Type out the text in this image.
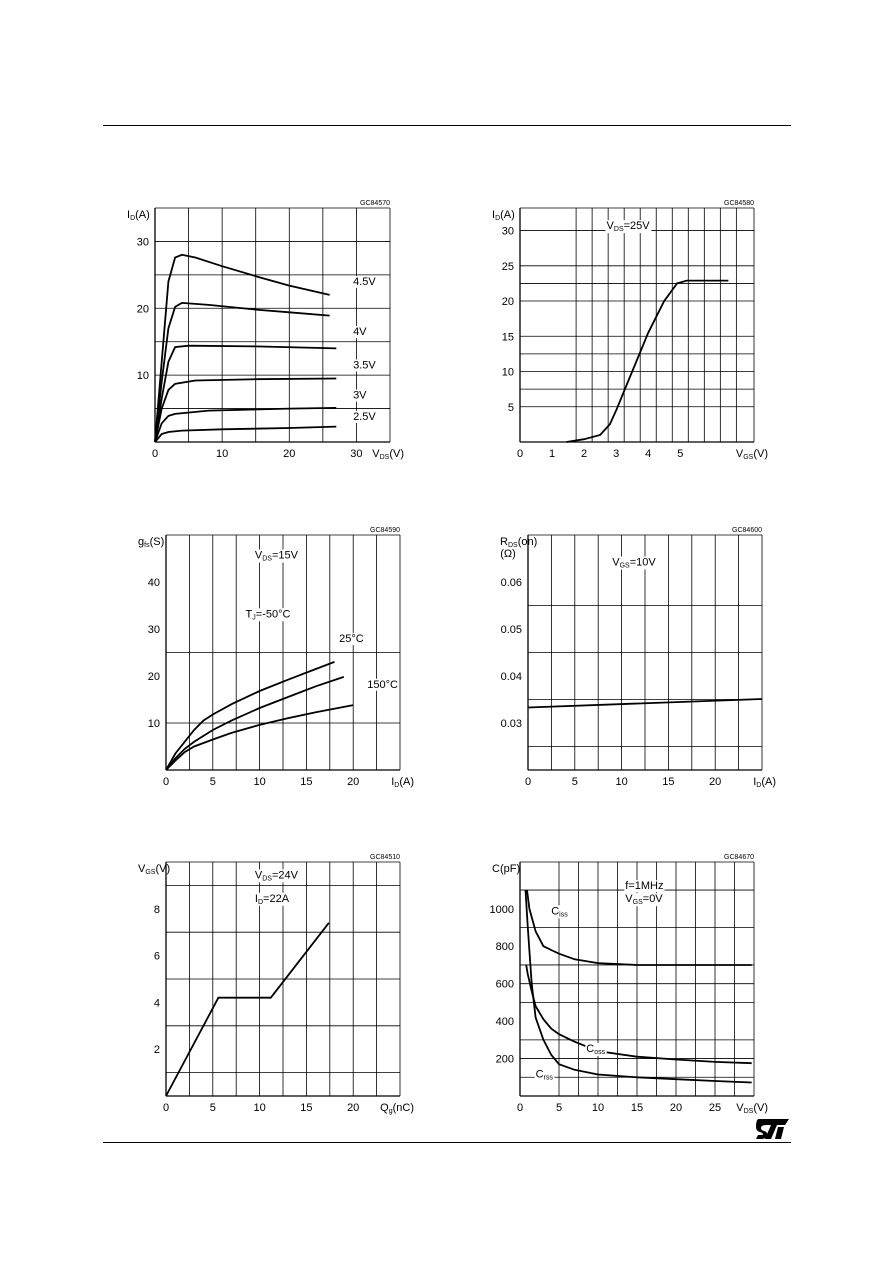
GC84570
0	10	20	30
10
20
30
ID(A)
VDS(V)
GC84580
0 1 2 3 4 5
5
10
15
20
25
30
ID(A)
VGS(V)
GC84590
0	5	10	15	20
10
20
30
40
gfs(S)
ID(A)
GC84600
0	5	10	15	20
0.03
0.04
0.05
0.06
RDS(on)
(Ω)
ID(A)
GC84510
0	5	10	15	20
2
4
6
8
VGS(V)
Qg(nC)
GC84670
0	5	10 15 20 25
200
400
600
800
1000
C(pF)
VDS(V)
4.5V
4V
3.5V
3V
2.5V
VDS=25V
VDS=15V
TJ=-50°C
25°C
150°C
VGS=10V
VDS=24V
ID=22A
f=1MHz
VGS=0V
Ciss
Coss
Crss
